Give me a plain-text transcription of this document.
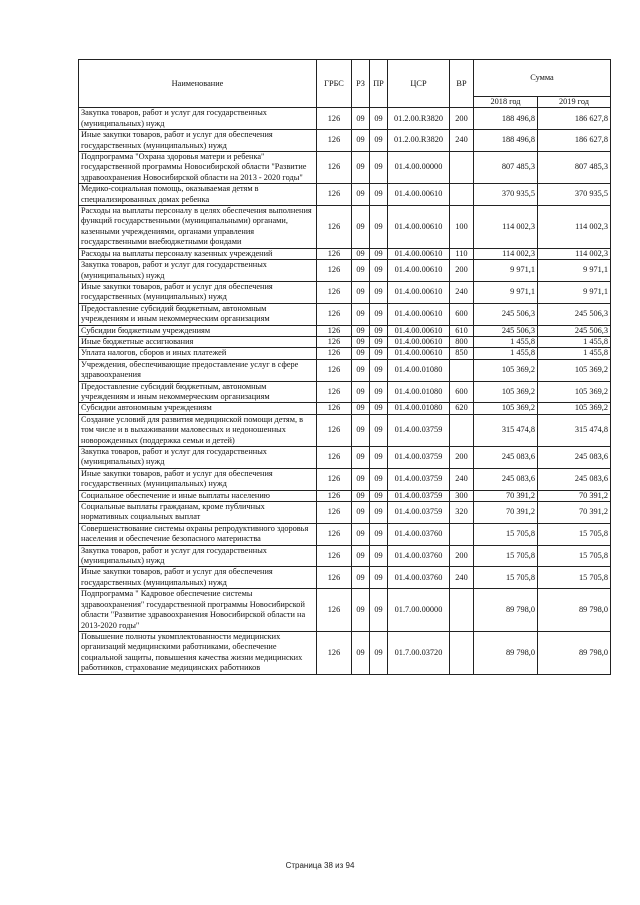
Наименование	ГРБС	РЗ	ПР	ЦСР	ВР	Сумма	
						2018 год	2019 год
Закупка товаров, работ и услуг для государственных (муниципальных) нужд	126	09	09	01.2.00.R3820	200	188 496,8	186 627,8
Иные закупки товаров, работ и услуг для обеспечения государственных (муниципальных) нужд	126	09	09	01.2.00.R3820	240	188 496,8	186 627,8
Подпрограмма "Охрана здоровья матери и ребенка" государственной программы Новосибирской области "Развитие здравоохранения Новосибирской области на 2013 - 2020 годы"	126	09	09	01.4.00.00000		807 485,3	807 485,3
Медико-социальная помощь, оказываемая детям в специализированных домах ребенка	126	09	09	01.4.00.00610		370 935,5	370 935,5
Расходы на выплаты персоналу в целях обеспечения выполнения функций государственными (муниципальными) органами, казенными учреждениями, органами управления государственными внебюджетными фондами	126	09	09	01.4.00.00610	100	114 002,3	114 002,3
Расходы на выплаты персоналу казенных учреждений	126	09	09	01.4.00.00610	110	114 002,3	114 002,3
Закупка товаров, работ и услуг для государственных (муниципальных) нужд	126	09	09	01.4.00.00610	200	9 971,1	9 971,1
Иные закупки товаров, работ и услуг для обеспечения государственных (муниципальных) нужд	126	09	09	01.4.00.00610	240	9 971,1	9 971,1
Предоставление субсидий бюджетным, автономным учреждениям и иным некоммерческим организациям	126	09	09	01.4.00.00610	600	245 506,3	245 506,3
Субсидии бюджетным учреждениям	126	09	09	01.4.00.00610	610	245 506,3	245 506,3
Иные бюджетные ассигнования	126	09	09	01.4.00.00610	800	1 455,8	1 455,8
Уплата налогов, сборов и иных платежей	126	09	09	01.4.00.00610	850	1 455,8	1 455,8
Учреждения, обеспечивающие предоставление услуг в сфере здравоохранения	126	09	09	01.4.00.01080		105 369,2	105 369,2
Предоставление субсидий бюджетным, автономным учреждениям и иным некоммерческим организациям	126	09	09	01.4.00.01080	600	105 369,2	105 369,2
Субсидии автономным учреждениям	126	09	09	01.4.00.01080	620	105 369,2	105 369,2
Создание условий для развития медицинской помощи детям, в том числе и в выхаживании маловесных и недоношенных новорожденных (поддержка семьи и детей)	126	09	09	01.4.00.03759		315 474,8	315 474,8
Закупка товаров, работ и услуг для государственных (муниципальных) нужд	126	09	09	01.4.00.03759	200	245 083,6	245 083,6
Иные закупки товаров, работ и услуг для обеспечения государственных (муниципальных) нужд	126	09	09	01.4.00.03759	240	245 083,6	245 083,6
Социальное обеспечение и иные выплаты населению	126	09	09	01.4.00.03759	300	70 391,2	70 391,2
Социальные выплаты гражданам, кроме публичных нормативных социальных выплат	126	09	09	01.4.00.03759	320	70 391,2	70 391,2
Совершенствование системы охраны репродуктивного здоровья населения и обеспечение безопасного материнства	126	09	09	01.4.00.03760		15 705,8	15 705,8
Закупка товаров, работ и услуг для государственных (муниципальных) нужд	126	09	09	01.4.00.03760	200	15 705,8	15 705,8
Иные закупки товаров, работ и услуг для обеспечения государственных (муниципальных) нужд	126	09	09	01.4.00.03760	240	15 705,8	15 705,8
Подпрограмма " Кадровое обеспечение системы здравоохранения" государственной программы Новосибирской области "Развитие здравоохранения Новосибирской области на 2013-2020 годы"	126	09	09	01.7.00.00000		89 798,0	89 798,0
Повышение полноты укомплектованности медицинских организаций медицинскими работниками, обеспечение социальной защиты, повышения качества жизни медицинских работников, страхование медицинских работников	126	09	09	01.7.00.03720		89 798,0	89 798,0
Страница 38 из 94
